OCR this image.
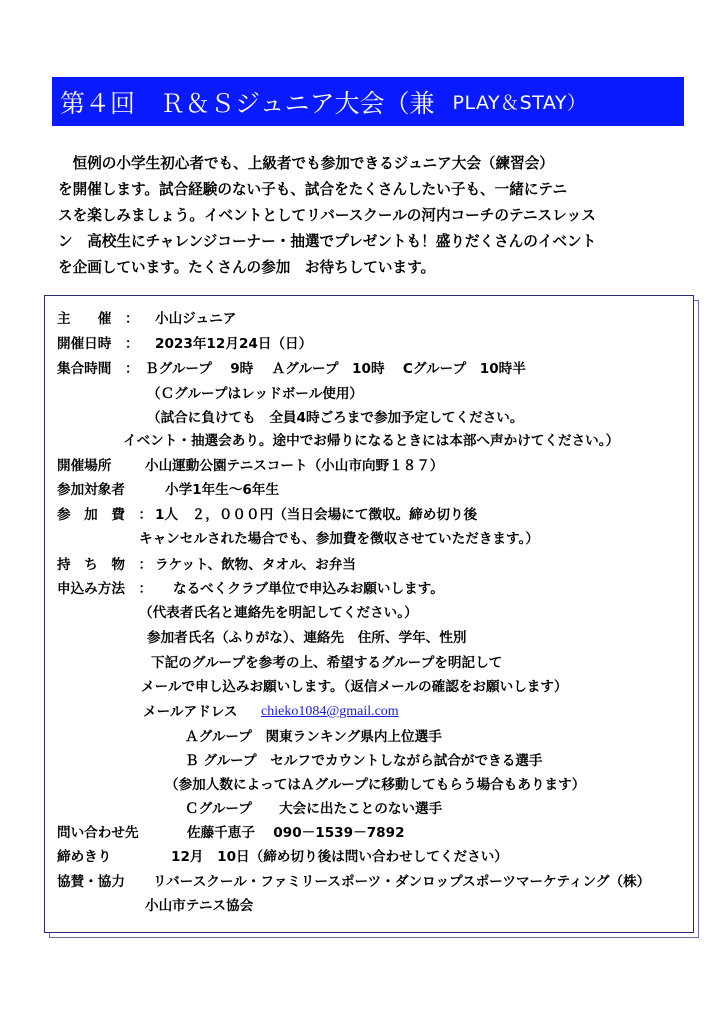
第４回　Ｒ＆Ｓジュニア大会（兼 PLAY＆STAY）

　恒例の小学生初心者でも、上級者でも参加できるジュニア大会（練習会）

を開催します。試合経験のない子も、試合をたくさんしたい子も、一緒にテニ

スを楽しみましょう。イベントとしてリバースクールの河内コーチのテニスレッス

ン　高校生にチャレンジコーナー・抽選でプレゼントも！盛りだくさんのイベント

を企画しています。たくさんの参加　お待ちしています。

主　　催　： 小山ジュニア
開催日時　： 2023年12月24日（日）
集合時間　： Ｂグループ　 9時　 Ａグループ　10時　 Cグループ　10時半
（Ｃグループはレッドボール使用）
（試合に負けても　全員4時ごろまで参加予定してください。
イベント・抽選会あり。途中でお帰りになるときには本部へ声かけてください。）
開催場所 小山運動公園テニスコート（小山市向野１８７）
参加対象者	小学1年生～6年生
参　加　費　： 1人　２，０００円（当日会場にて徴収。締め切り後
キャンセルされた場合でも、参加費を徴収させていただきます。）
持　ち　物　： ラケット、飲物、タオル、お弁当
申込み方法　： なるべくクラブ単位で申込みお願いします。
（代表者氏名と連絡先を明記してください。）
参加者氏名（ふりがな）、連絡先　住所、学年、性別
下記のグループを参考の上、希望するグループを明記して
メールで申し込みお願いします。（返信メールの確認をお願いします）
メールアドレス chieko1084@gmail.com
Ａグループ　関東ランキング県内上位選手
Ｂ グループ　セルフでカウントしながら試合ができる選手
（参加人数によってはＡグループに移動してもらう場合もあります）
Ｃグループ　　大会に出たことのない選手
問い合わせ先	佐藤千恵子　 090－1539－7892
締めきり	12月　10日（締め切り後は問い合わせしてください）
協賛・協力 リバースクール・ファミリースポーツ・ダンロップスポーツマーケティング（株）
小山市テニス協会
